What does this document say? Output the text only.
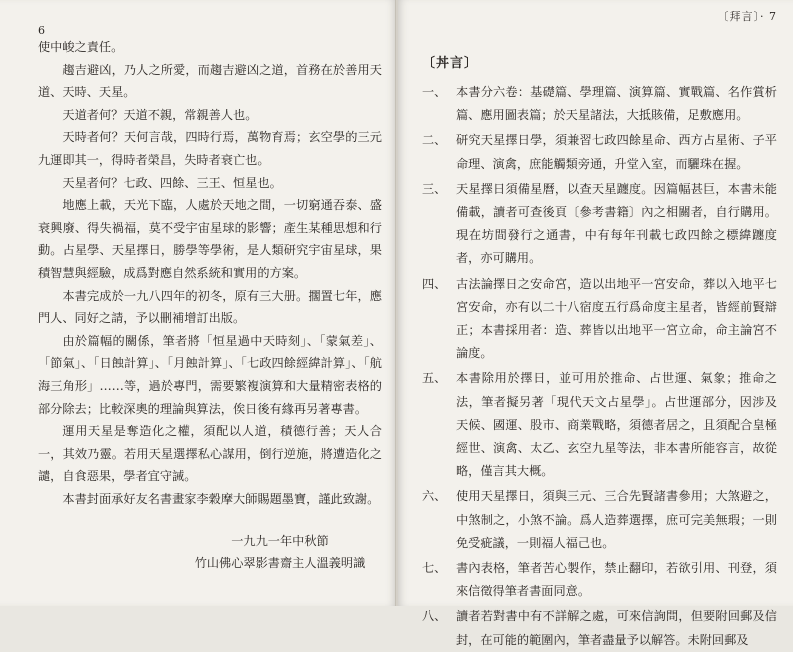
6

使中峻之責任。

趨吉避凶，乃人之所愛，而趨吉避凶之道，首務在於善用天道、天時、天星。

天道者何？天道不親，常親善人也。

天時者何？天何言哉，四時行焉，萬物育焉；玄空學的三元九運即其一，得時者榮昌，失時者衰亡也。

天星者何？七政、四餘、三王、恒星也。

地應上載，天光下臨，人處於天地之間，一切窮通吞泰、盛衰興廢、得失禍福，莫不受宇宙星球的影響；產生某種思想和行動。占星學、天星擇日，勝學等學術，是人類研究宇宙星球，果積智慧與經驗，成爲對應自然系統和實用的方案。

本書完成於一九八四年的初冬，原有三大册。擱置七年，應門人、同好之請，予以刪補增訂出版。

由於篇幅的關係，筆者將「恒星過中天時刻」、「蒙氣差」、「節氣」、「日蝕計算」、「月蝕計算」、「七政四餘經緯計算」、「航海三角形」……等，過於專門，需要繁複演算和大量精密表格的部分除去；比較深奧的理論與算法，俟日後有緣再另著專書。

運用天星是奪造化之權，須配以人道，積德行善；天人合一，其效乃靈。若用天星選擇私心謀用，倒行逆施，將遭造化之譴，自食惡果，學者宜守誡。

本書封面承好友名書畫家李穀摩大師賜題墨寶，謹此致謝。

一九九一年中秋節
竹山佛心翠影書齋主人溫義明識
〔拜言〕· 7
〔丼言〕
一、 本書分六卷：基礎篇、學理篇、演算篇、實戰篇、名作賞析篇、應用圖表篇；於天星諸法，大抵賅備，足敷應用。
二、 研究天星擇日學，須兼習七政四餘星命、西方占星術、子平命理、演禽，庶能觸類旁通，升堂入室，而驪珠在握。
三、 天星擇日須備星曆，以查天星躔度。因篇幅甚巨，本書未能備載，讀者可查後頁〔參考書籍〕內之相關者，自行購用。現在坊間發行之通書，中有每年刊載七政四餘之標緯躔度者，亦可購用。
四、 古法論擇日之安命宮，造以出地平一宮安命，葬以入地平七宮安命，亦有以二十八宿度五行爲命度主星者，皆經前賢辯正；本書採用者：造、葬皆以出地平一宮立命，命主論宮不論度。
五、 本書除用於擇日，並可用於推命、占世運、氣象；推命之法，筆者擬另著「現代天文占星學」。占世運部分，因涉及天候、國運、股市、商業戰略，須德者居之，且須配合皇極經世、演禽、太乙、玄空九星等法，非本書所能容言，故從略，僅言其大概。
六、 使用天星擇日，須與三元、三合先賢諸書參用；大煞避之，中煞制之，小煞不論。爲人造葬選擇，庶可完美無瑕；一則免受疵議，一則福人福己也。
七、 書內表格，筆者苦心製作，禁止翻印，若欲引用、刊登，須來信徵得筆者書面同意。
八、 讀者若對書中有不詳解之處，可來信詢問，但要附回郵及信封，在可能的範圍內，筆者盡量予以解答。未附回郵及
